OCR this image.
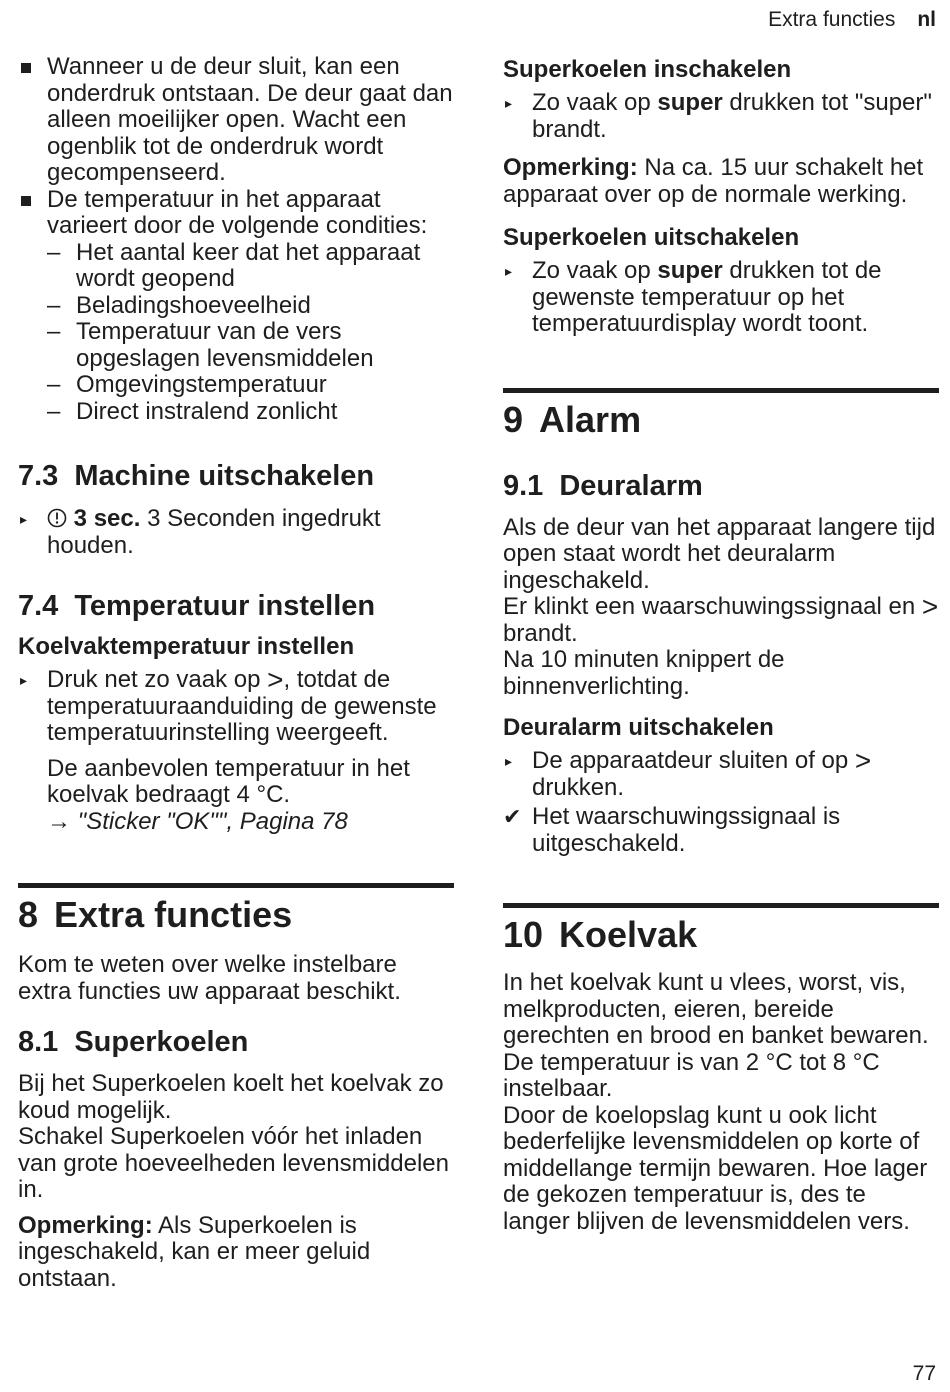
Extra functies nl
Wanneer u de deur sluit, kan een onderdruk ontstaan. De deur gaat dan alleen moeilijker open. Wacht een ogenblik tot de onderdruk wordt gecompenseerd.
De temperatuur in het apparaat varieert door de volgende condities:
– Het aantal keer dat het apparaat wordt geopend
– Beladingshoeveelheid
– Temperatuur van de vers opgeslagen levensmiddelen
– Omgevingstemperatuur
– Direct instralend zonlicht
7.3 Machine uitschakelen
▸ 3 sec. 3 Seconden ingedrukt houden.
7.4 Temperatuur instellen
Koelvaktemperatuur instellen
▸ Druk net zo vaak op >, totdat de temperatuuraanduiding de gewenste temperatuurinstelling weergeeft.

De aanbevolen temperatuur in het koelvak bedraagt 4 °C.

→ "Sticker "OK"", Pagina 78

8 Extra functies

Kom te weten over welke instelbare extra functies uw apparaat beschikt.

8.1 Superkoelen

Bij het Superkoelen koelt het koelvak zo koud mogelijk.

Schakel Superkoelen vóór het inladen van grote hoeveelheden levensmiddelen in.

Opmerking: Als Superkoelen is ingeschakeld, kan er meer geluid ontstaan.

Superkoelen inschakelen
▸ Zo vaak op super drukken tot "super" brandt.

Opmerking: Na ca. 15 uur schakelt het apparaat over op de normale werking.

Superkoelen uitschakelen
▸ Zo vaak op super drukken tot de gewenste temperatuur op het temperatuurdisplay wordt toont.
9 Alarm
9.1 Deuralarm

Als de deur van het apparaat langere tijd open staat wordt het deuralarm ingeschakeld.

Er klinkt een waarschuwingssignaal en > brandt.

Na 10 minuten knippert de binnenverlichting.

Deuralarm uitschakelen
▸ De apparaatdeur sluiten of op > drukken.
✔ Het waarschuwingssignaal is uitgeschakeld.
10 Koelvak

In het koelvak kunt u vlees, worst, vis, melkproducten, eieren, bereide gerechten en brood en banket bewaren.

De temperatuur is van 2 °C tot 8 °C instelbaar.

Door de koelopslag kunt u ook licht bederfelijke levensmiddelen op korte of middellange termijn bewaren. Hoe lager de gekozen temperatuur is, des te langer blijven de levensmiddelen vers.

77
